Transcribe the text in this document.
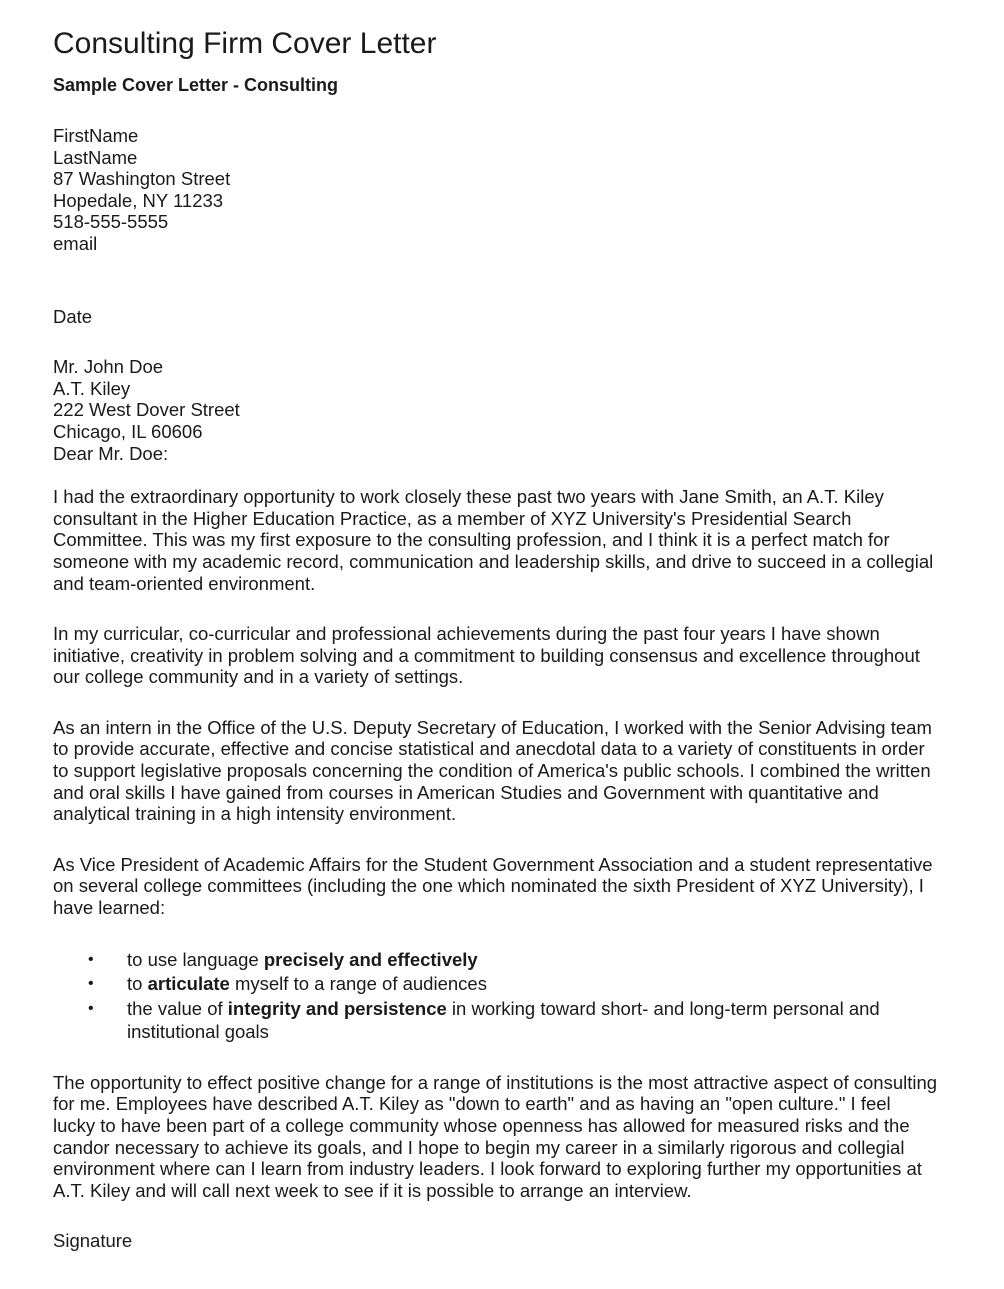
Consulting Firm Cover Letter
Sample Cover Letter - Consulting
FirstName
LastName
87 Washington Street
Hopedale, NY 11233
518-555-5555
email
Date
Mr. John Doe
A.T. Kiley
222 West Dover Street
Chicago, IL 60606
Dear Mr. Doe:
I had the extraordinary opportunity to work closely these past two years with Jane Smith, an A.T. Kiley
consultant in the Higher Education Practice, as a member of XYZ University's Presidential Search
Committee. This was my first exposure to the consulting profession, and I think it is a perfect match for
someone with my academic record, communication and leadership skills, and drive to succeed in a collegial
and team-oriented environment.
In my curricular, co-curricular and professional achievements during the past four years I have shown
initiative, creativity in problem solving and a commitment to building consensus and excellence throughout
our college community and in a variety of settings.
As an intern in the Office of the U.S. Deputy Secretary of Education, I worked with the Senior Advising team
to provide accurate, effective and concise statistical and anecdotal data to a variety of constituents in order
to support legislative proposals concerning the condition of America's public schools. I combined the written
and oral skills I have gained from courses in American Studies and Government with quantitative and
analytical training in a high intensity environment.
As Vice President of Academic Affairs for the Student Government Association and a student representative
on several college committees (including the one which nominated the sixth President of XYZ University), I
have learned:
• to use language precisely and effectively
• to articulate myself to a range of audiences
• the value of integrity and persistence in working toward short- and long-term personal and
institutional goals
The opportunity to effect positive change for a range of institutions is the most attractive aspect of consulting
for me. Employees have described A.T. Kiley as "down to earth" and as having an "open culture." I feel
lucky to have been part of a college community whose openness has allowed for measured risks and the
candor necessary to achieve its goals, and I hope to begin my career in a similarly rigorous and collegial
environment where can I learn from industry leaders. I look forward to exploring further my opportunities at
A.T. Kiley and will call next week to see if it is possible to arrange an interview.
Signature
